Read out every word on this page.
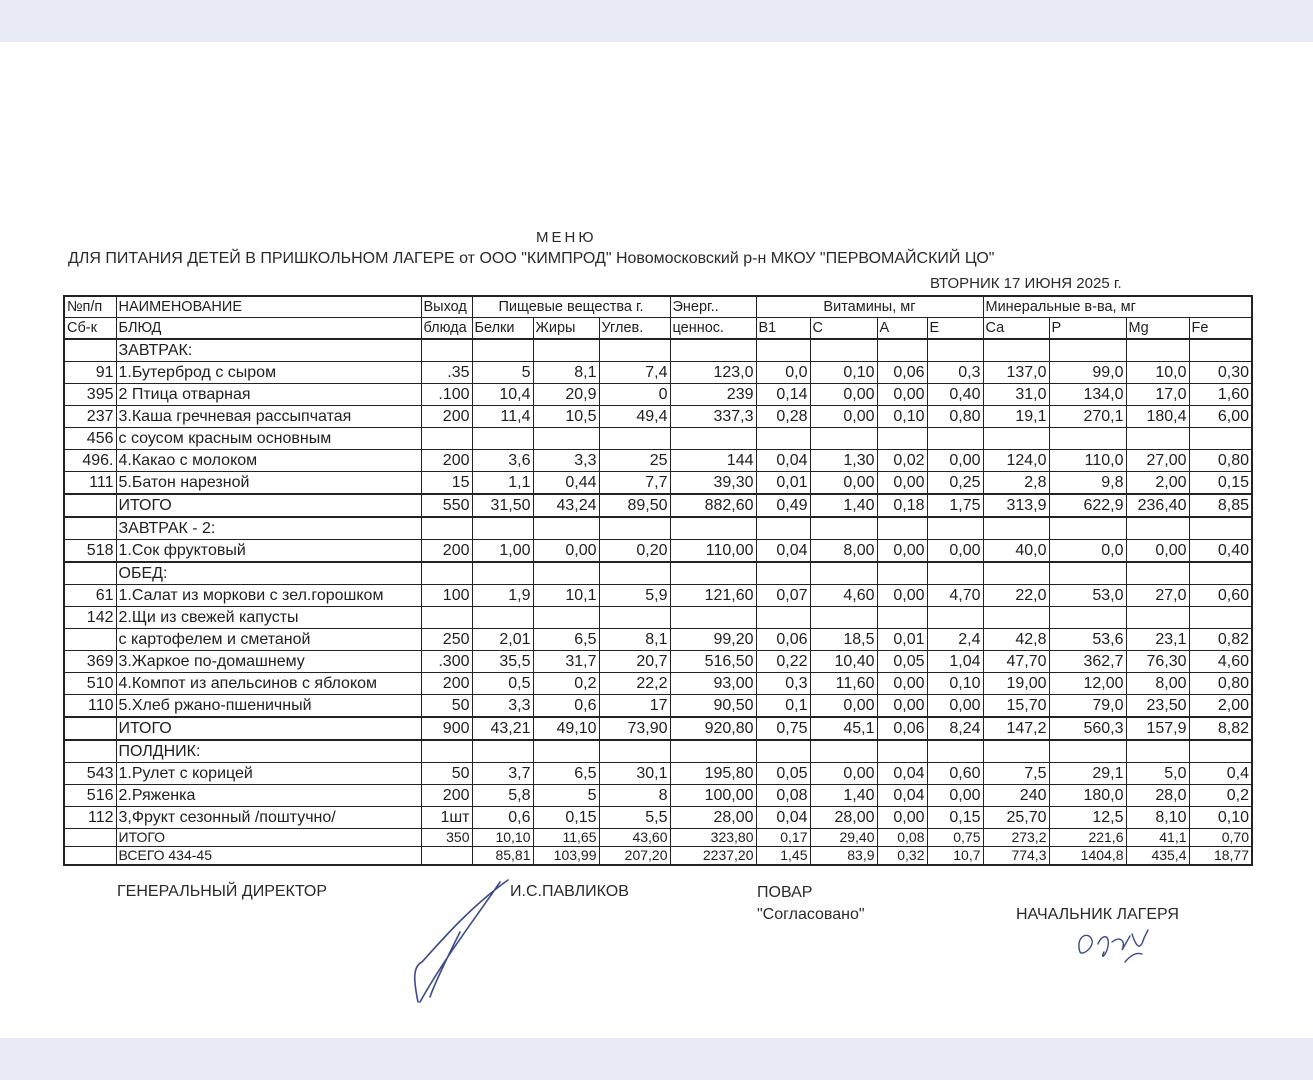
МЕНЮ
ДЛЯ ПИТАНИЯ ДЕТЕЙ В ПРИШКОЛЬНОМ ЛАГЕРЕ от ООО "КИМПРОД" Новомосковский р-н МКОУ "ПЕРВОМАЙСКИЙ ЦО"
ВТОРНИК 17 ИЮНЯ 2025 г.
№п/п	НАИМЕНОВАНИЕ	Выход	Пищевые вещества г.			Энерг..	Витамины, мг				Минеральные в-ва, мг			
Сб-к	БЛЮД	блюда	Белки	Жиры	Углев.	ценнос.	В1	С	А	Е	Са	Р	Mg	Fe
	ЗАВТРАК:													
91	1.Бутерброд с сыром	.35	5	8,1	7,4	123,0	0,0	0,10	0,06	0,3	137,0	99,0	10,0	0,30
395	2 Птица отварная	.100	10,4	20,9	0	239	0,14	0,00	0,00	0,40	31,0	134,0	17,0	1,60
237	3.Каша гречневая рассыпчатая	200	11,4	10,5	49,4	337,3	0,28	0,00	0,10	0,80	19,1	270,1	180,4	6,00
456	с соусом красным основным													
496.	4.Какао с молоком	200	3,6	3,3	25	144	0,04	1,30	0,02	0,00	124,0	110,0	27,00	0,80
111	5.Батон нарезной	15	1,1	0,44	7,7	39,30	0,01	0,00	0,00	0,25	2,8	9,8	2,00	0,15
	ИТОГО	550	31,50	43,24	89,50	882,60	0,49	1,40	0,18	1,75	313,9	622,9	236,40	8,85
	ЗАВТРАК - 2:													
518	1.Сок фруктовый	200	1,00	0,00	0,20	110,00	0,04	8,00	0,00	0,00	40,0	0,0	0,00	0,40
	ОБЕД:													
61	1.Салат из моркови с зел.горошком	100	1,9	10,1	5,9	121,60	0,07	4,60	0,00	4,70	22,0	53,0	27,0	0,60
142	2.Щи из свежей капусты													
	с картофелем и сметаной	250	2,01	6,5	8,1	99,20	0,06	18,5	0,01	2,4	42,8	53,6	23,1	0,82
369	3.Жаркое по-домашнему	.300	35,5	31,7	20,7	516,50	0,22	10,40	0,05	1,04	47,70	362,7	76,30	4,60
510	4.Компот из апельсинов с яблоком	200	0,5	0,2	22,2	93,00	0,3	11,60	0,00	0,10	19,00	12,00	8,00	0,80
110	5.Хлеб ржано-пшеничный	50	3,3	0,6	17	90,50	0,1	0,00	0,00	0,00	15,70	79,0	23,50	2,00
	ИТОГО	900	43,21	49,10	73,90	920,80	0,75	45,1	0,06	8,24	147,2	560,3	157,9	8,82
	ПОЛДНИК:													
543	1.Рулет с корицей	50	3,7	6,5	30,1	195,80	0,05	0,00	0,04	0,60	7,5	29,1	5,0	0,4
516	2.Ряженка	200	5,8	5	8	100,00	0,08	1,40	0,04	0,00	240	180,0	28,0	0,2
112	3,Фрукт сезонный /поштучно/	1шт	0,6	0,15	5,5	28,00	0,04	28,00	0,00	0,15	25,70	12,5	8,10	0,10
	ИТОГО	350	10,10	11,65	43,60	323,80	0,17	29,40	0,08	0,75	273,2	221,6	41,1	0,70
	ВСЕГО 434-45		85,81	103,99	207,20	2237,20	1,45	83,9	0,32	10,7	774,3	1404,8	435,4	18,77
ГЕНЕРАЛЬНЫЙ ДИРЕКТОР	И.С.ПАВЛИКОВ	ПОВАР
"Согласовано"	НАЧАЛЬНИК ЛАГЕРЯ
